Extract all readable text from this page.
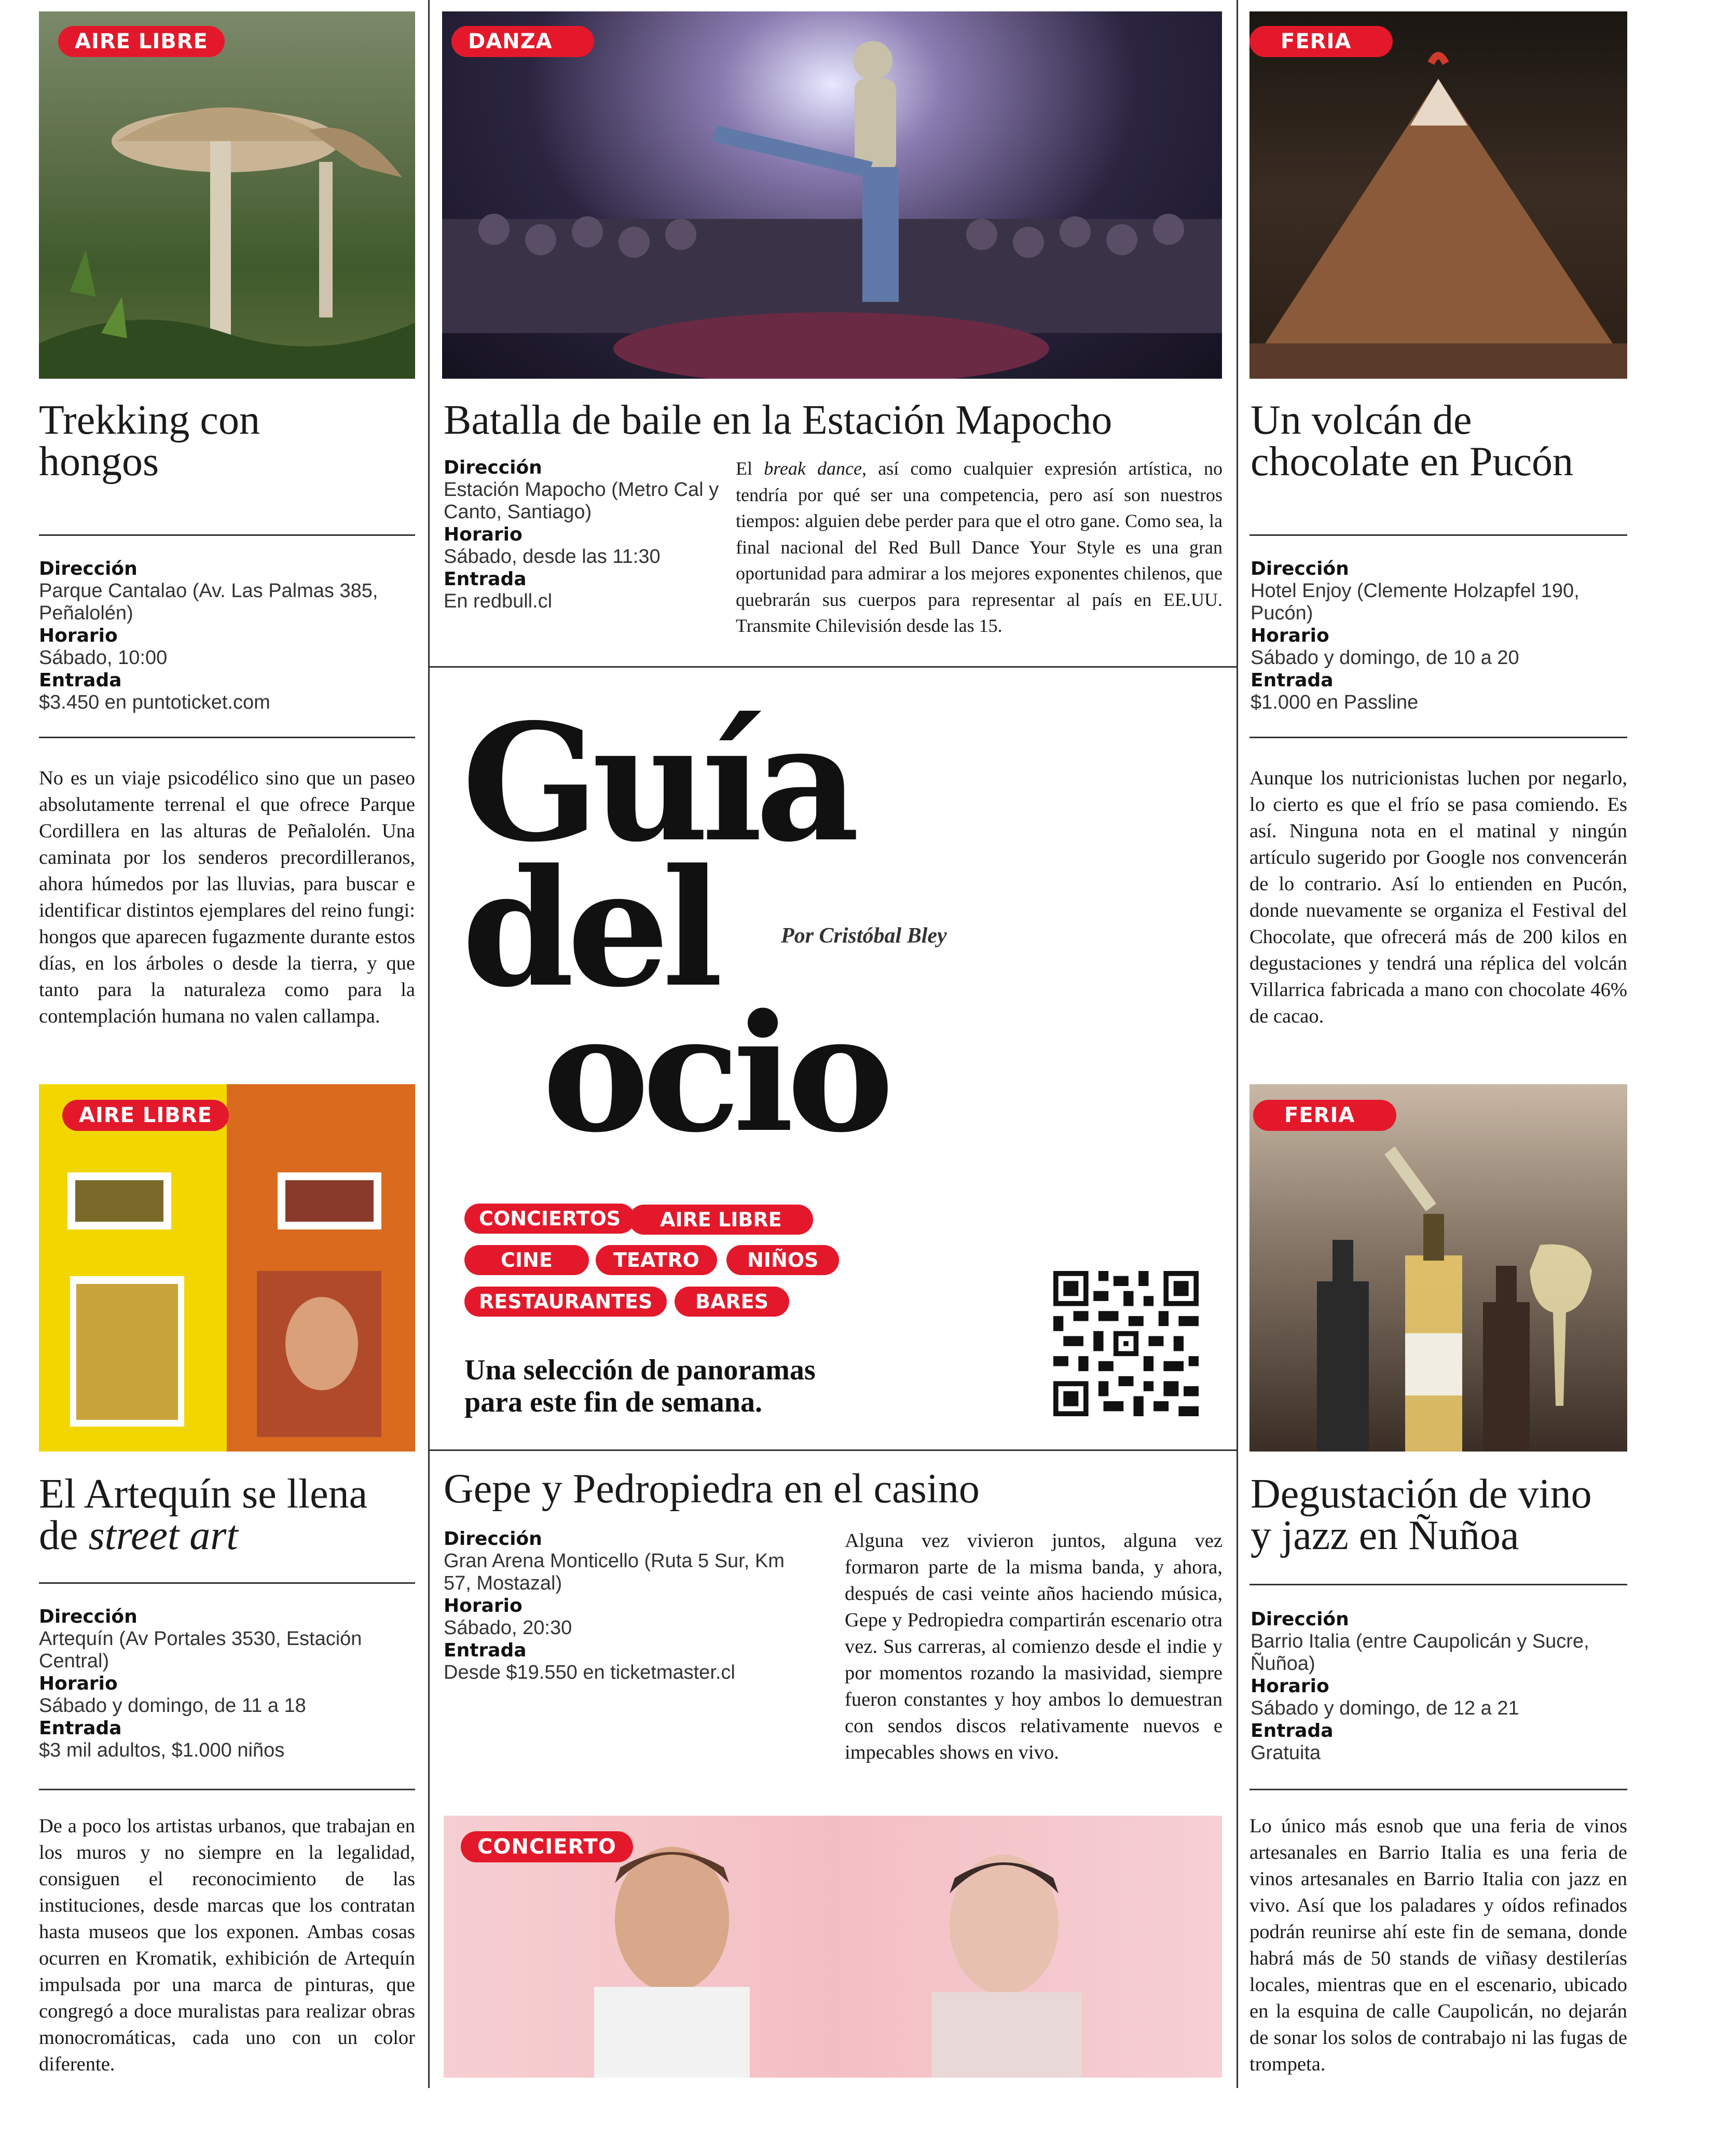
AIRE LIBRE
Trekking con
hongos
Dirección
Parque Cantalao (Av. Las Palmas 385, Peñalolén)
Horario
Sábado, 10:00
Entrada
$3.450 en puntoticket.com
No es un viaje psicodélico sino que un paseo absolutamente terrenal el que ofrece Parque Cordillera en las alturas de Peñalolén. Una caminata por los senderos precordilleranos, ahora húmedos por las lluvias, para buscar e identificar distintos ejemplares del reino fungi: hongos que aparecen fugazmente durante estos días, en los árboles o desde la tierra, y que tanto para la naturaleza como para la contemplación humana no valen callampa.
DANZA
Batalla de baile en la Estación Mapocho
Dirección
Estación Mapocho (Metro Cal y Canto, Santiago)
Horario
Sábado, desde las 11:30
Entrada
En redbull.cl
El break dance, así como cualquier expresión artística, no tendría por qué ser una competencia, pero así son nuestros tiempos: alguien debe perder para que el otro gane. Como sea, la final nacional del Red Bull Dance Your Style es una gran oportunidad para admirar a los mejores exponentes chilenos, que quebrarán sus cuerpos para representar al país en EE.UU. Transmite Chilevisión desde las 15.
FERIA
Un volcán de
chocolate en Pucón
Dirección
Hotel Enjoy (Clemente Holzapfel 190, Pucón)
Horario
Sábado y domingo, de 10 a 20
Entrada
$1.000 en Passline
Aunque los nutricionistas luchen por negarlo, lo cierto es que el frío se pasa comiendo. Es así. Ninguna nota en el matinal y ningún artículo sugerido por Google nos convencerán de lo contrario. Así lo entienden en Pucón, donde nuevamente se organiza el Festival del Chocolate, que ofrecerá más de 200 kilos en degustaciones y tendrá una réplica del volcán Villarrica fabricada a mano con chocolate 46% de cacao.
Guía
del
ocio
Por Cristóbal Bley
CONCIERTOS	AIRE LIBRE
CINE	TEATRO	NIÑOS
RESTAURANTES	BARES
Una selección de panoramas
para este fin de semana.
AIRE LIBRE
El Artequín se llena
de street art
Dirección
Artequín (Av Portales 3530, Estación Central)
Horario
Sábado y domingo, de 11 a 18
Entrada
$3 mil adultos, $1.000 niños
De a poco los artistas urbanos, que trabajan en los muros y no siempre en la legalidad, consiguen el reconocimiento de las instituciones, desde marcas que los contratan hasta museos que los exponen. Ambas cosas ocurren en Kromatik, exhibición de Artequín impulsada por una marca de pinturas, que congregó a doce muralistas para realizar obras monocromáticas, cada uno con un color diferente.
Gepe y Pedropiedra en el casino
Dirección
Gran Arena Monticello (Ruta 5 Sur, Km 57, Mostazal)
Horario
Sábado, 20:30
Entrada
Desde $19.550 en ticketmaster.cl
Alguna vez vivieron juntos, alguna vez formaron parte de la misma banda, y ahora, después de casi veinte años haciendo música, Gepe y Pedropiedra compartirán escenario otra vez. Sus carreras, al comienzo desde el indie y por momentos rozando la masividad, siempre fueron constantes y hoy ambos lo demuestran con sendos discos relativamente nuevos e impecables shows en vivo.
CONCIERTO
FERIA
Degustación de vino
y jazz en Ñuñoa
Dirección
Barrio Italia (entre Caupolicán y Sucre, Ñuñoa)
Horario
Sábado y domingo, de 12 a 21
Entrada
Gratuita
Lo único más esnob que una feria de vinos artesanales en Barrio Italia es una feria de vinos artesanales en Barrio Italia con jazz en vivo. Así que los paladares y oídos refinados podrán reunirse ahí este fin de semana, donde habrá más de 50 stands de viñasy destilerías locales, mientras que en el escenario, ubicado en la esquina de calle Caupolicán, no dejarán de sonar los solos de contrabajo ni las fugas de trompeta.
